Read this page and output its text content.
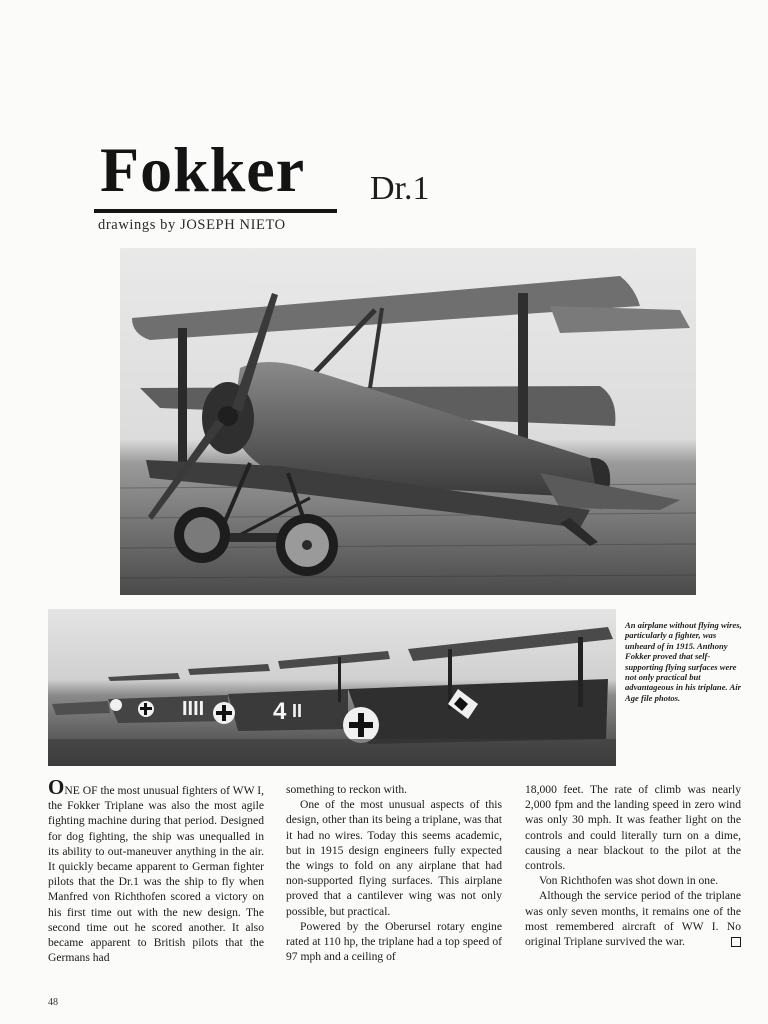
Fokker Dr.1
drawings by JOSEPH NIETO
IIII	4 II
An airplane without flying wires, particularly a fighter, was unheard of in 1915. Anthony Fokker proved that self-supporting flying surfaces were not only practical but advantageous in his triplane. Air Age file photos.

ONE OF the most unusual fighters of WW I, the Fokker Triplane was also the most agile fighting machine during that period. Designed for dog fighting, the ship was unequalled in its ability to out-maneuver anything in the air. It quickly became apparent to German fighter pilots that the Dr.1 was the ship to fly when Manfred von Richthofen scored a victory on his first time out with the new design. The second time out he scored another. It also became apparent to British pilots that the Germans had

something to reckon with.

One of the most unusual aspects of this design, other than its being a triplane, was that it had no wires. Today this seems academic, but in 1915 design engineers fully expected the wings to fold on any airplane that had non-supported flying surfaces. This airplane proved that a cantilever wing was not only possible, but practical.

Powered by the Oberursel rotary engine rated at 110 hp, the triplane had a top speed of 97 mph and a ceiling of

18,000 feet. The rate of climb was nearly 2,000 fpm and the landing speed in zero wind was only 30 mph. It was feather light on the controls and could literally turn on a dime, causing a near blackout to the pilot at the controls.

Von Richthofen was shot down in one.

Although the service period of the triplane was only seven months, it remains one of the most remembered aircraft of WW I. No original Triplane survived the war.

48
